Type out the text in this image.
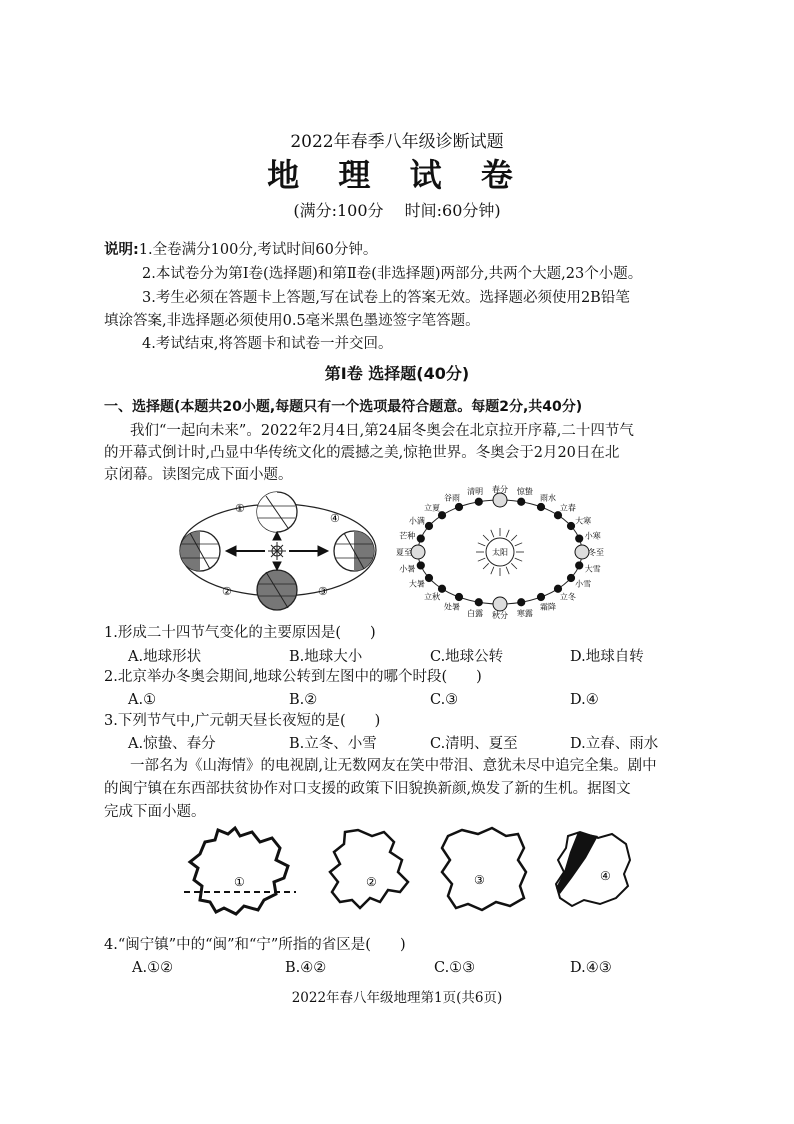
2022年春季八年级诊断试题
地 理 试 卷
(满分:100分　 时间:60分钟)
说明:1.全卷满分100分,考试时间60分钟。
2.本试卷分为第Ⅰ卷(选择题)和第Ⅱ卷(非选择题)两部分,共两个大题,23个小题。
3.考生必须在答题卡上答题,写在试卷上的答案无效。选择题必须使用2B铅笔
填涂答案,非选择题必须使用0.5毫米黑色墨迹签字笔答题。
4.考试结束,将答题卡和试卷一并交回。
第Ⅰ卷 选择题(40分)
一、选择题(本题共20小题,每题只有一个选项最符合题意。每题2分,共40分)
我们“一起向未来”。2022年2月4日,第24届冬奥会在北京拉开序幕,二十四节气
的开幕式倒计时,凸显中华传统文化的震撼之美,惊艳世界。冬奥会于2月20日在北
京闭幕。读图完成下面小题。
①
②	③
④
太阳
春分 惊蛰
雨水
立春
大寒
小寒
冬至
大雪
小雪
立冬
霜降
寒露
秋分
白露
处暑
立秋
大暑
小暑
夏至
芒种
小满
立夏
谷雨
清明
1.形成二十四节气变化的主要原因是(　　)
A.地球形状	B.地球大小	C.地球公转	D.地球自转
2.北京举办冬奥会期间,地球公转到左图中的哪个时段(　　)
A.①	B.②	C.③	D.④
3.下列节气中,广元朝天昼长夜短的是(　　)
A.惊蛰、春分	B.立冬、小雪	C.清明、夏至	D.立春、雨水
一部名为《山海情》的电视剧,让无数网友在笑中带泪、意犹未尽中追完全集。剧中
的闽宁镇在东西部扶贫协作对口支援的政策下旧貌换新颜,焕发了新的生机。据图文
完成下面小题。
①	②	③	④
4.“闽宁镇”中的“闽”和“宁”所指的省区是(　　)
A.①②	B.④②	C.①③	D.④③
2022年春八年级地理第1页(共6页)
